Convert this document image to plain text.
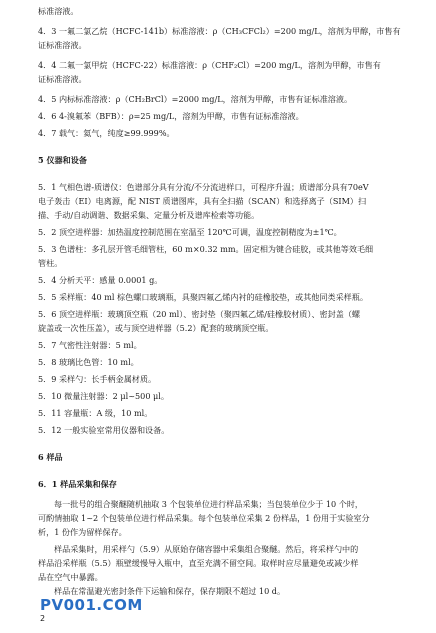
标准溶液。
4．3 一氟二氯乙烷（HCFC-141b）标准溶液：ρ（CH₃CFCl₂）=200 mg/L，溶剂为甲醇，市售有
证标准溶液。
4．4 二氟一氯甲烷（HCFC-22）标准溶液：ρ（CHF₂Cl）=200 mg/L，溶剂为甲醇，市售有
证标准溶液。
4．5 内标标准溶液：ρ（CH₂BrCl）=2000 mg/L，溶剂为甲醇，市售有证标准溶液。
4．6 4-溴氟苯（BFB）：ρ=25 mg/L，溶剂为甲醇，市售有证标准溶液。
4．7 载气：氦气，纯度≥99.999%。
5 仪器和设备
5．1 气相色谱-质谱仪：色谱部分具有分流/不分流进样口，可程序升温；质谱部分具有70eV
电子轰击（EI）电离源，配 NIST 质谱图库，具有全扫描（SCAN）和选择离子（SIM）扫
描、手动/自动调谐、数据采集、定量分析及谱库检索等功能。
5．2 顶空进样器：加热温度控制范围在室温至 120℃可调，温度控制精度为±1℃。
5．3 色谱柱：多孔层开管毛细管柱，60 m×0.32 mm。固定相为键合硅胶，或其他等效毛细
管柱。
5．4 分析天平：感量 0.0001 g。
5．5 采样瓶：40 ml 棕色螺口玻璃瓶，具聚四氟乙烯内衬的硅橡胶垫，或其他同类采样瓶。
5．6 顶空进样瓶：玻璃顶空瓶（20 ml）、密封垫（聚四氟乙烯/硅橡胶材质）、密封盖（螺
旋盖或一次性压盖），或与顶空进样器（5.2）配套的玻璃顶空瓶。
5．7 气密性注射器：5 ml。
5．8 玻璃比色管：10 ml。
5．9 采样勺：长手柄金属材质。
5．10 微量注射器：2 μl~500 μl。
5．11 容量瓶：A 级，10 ml。
5．12 一般实验室常用仪器和设备。
6 样品
6．1 样品采集和保存
每一批号的组合聚醚随机抽取 3 个包装单位进行样品采集；当包装单位少于 10 个时，
可酌情抽取 1~2 个包装单位进行样品采集。每个包装单位采集 2 份样品，1 份用于实验室分
析，1 份作为留样保存。
样品采集时，用采样勺（5.9）从原始存储容器中采集组合聚醚。然后，将采样勺中的
样品沿采样瓶（5.5）瓶壁缓慢导入瓶中，直至充满不留空间。取样时应尽量避免或减少样
品在空气中暴露。
样品在常温避光密封条件下运输和保存，保存期限不超过 10 d。
PV001.COM
2
